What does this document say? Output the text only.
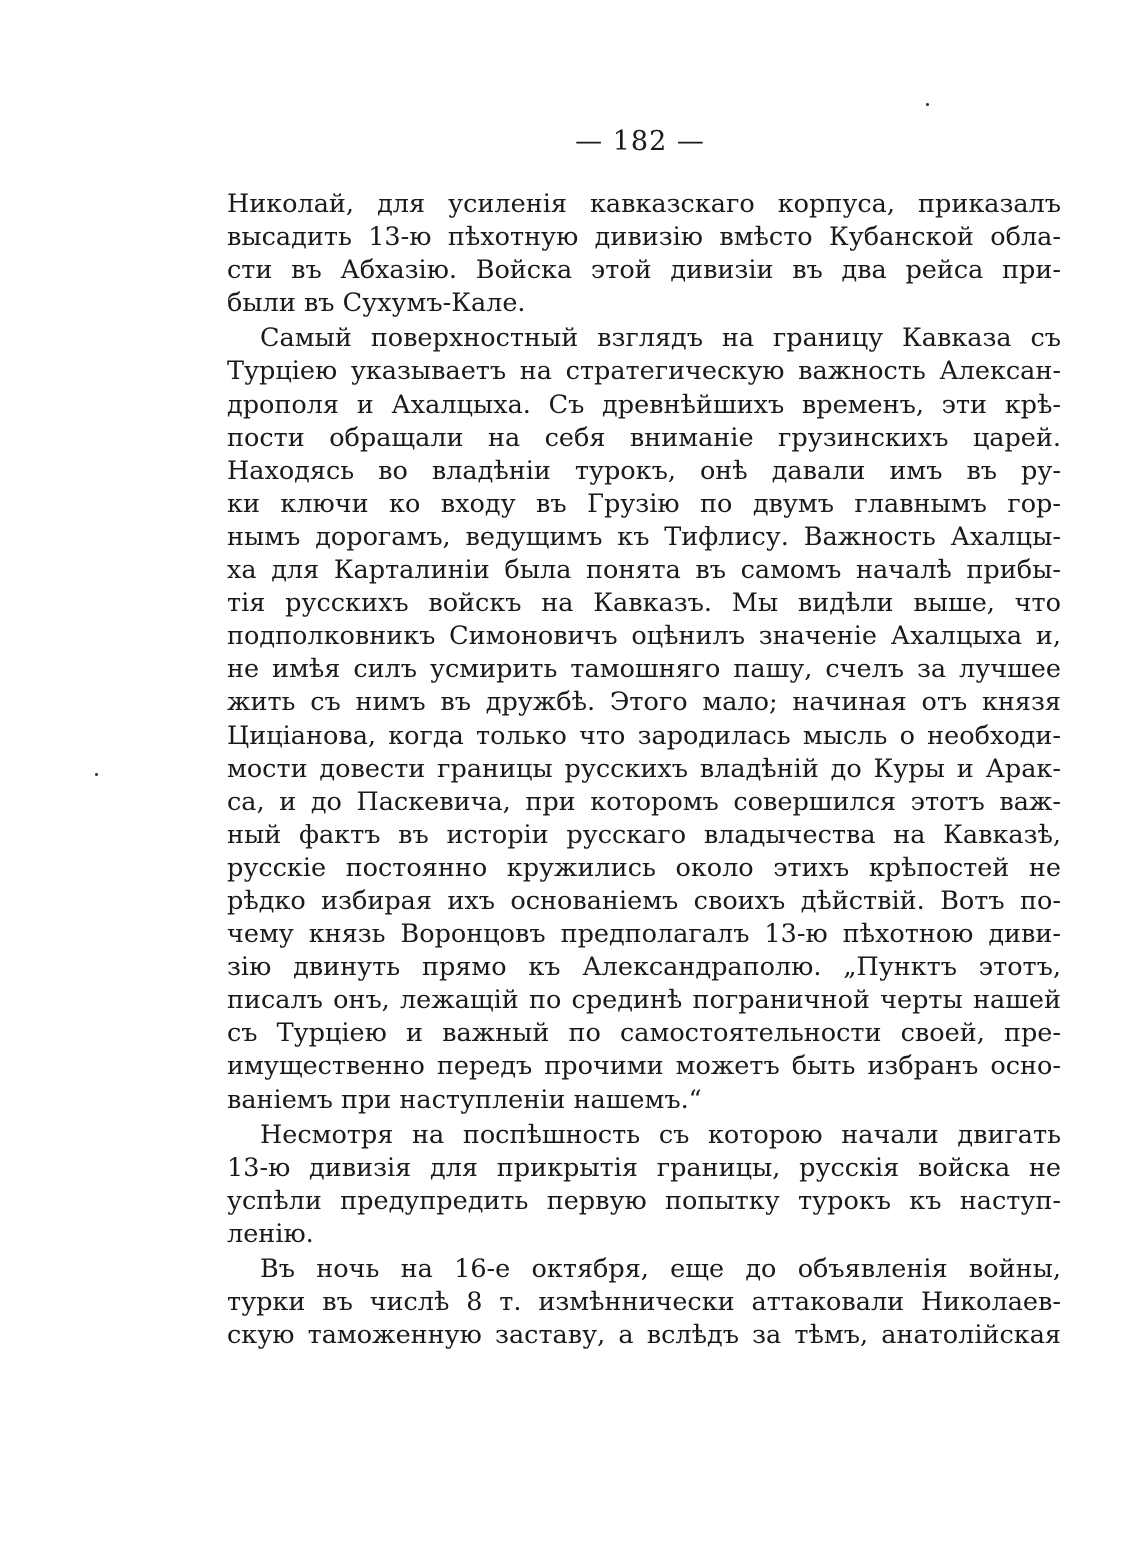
— 182 —
Николай, для усиленія кавказскаго корпуса, приказалъ
высадить 13-ю пѣхотную дивизію вмѣсто Кубанской обла-
сти въ Абхазію. Войска этой дивизіи въ два рейса при-
были въ Сухумъ-Кале.
Самый поверхностный взглядъ на границу Кавказа съ
Турціею указываетъ на стратегическую важность Алексан-
дрополя и Ахалцыха. Съ древнѣйшихъ временъ, эти крѣ-
пости обращали на себя вниманіе грузинскихъ царей.
Находясь во владѣніи турокъ, онѣ давали имъ въ ру-
ки ключи ко входу въ Грузію по двумъ главнымъ гор-
нымъ дорогамъ, ведущимъ къ Тифлису. Важность Ахалцы-
ха для Карталиніи была понята въ самомъ началѣ прибы-
тія русскихъ войскъ на Кавказъ. Мы видѣли выше, что
подполковникъ Симоновичъ оцѣнилъ значеніе Ахалцыха и,
не имѣя силъ усмирить тамошняго пашу, счелъ за лучшее
жить съ нимъ въ дружбѣ. Этого мало; начиная отъ князя
Цицiанова, когда только что зародилась мысль о необходи-
мости довести границы русскихъ владѣній до Куры и Арак-
са, и до Паскевича, при которомъ совершился этотъ важ-
ный фактъ въ исторіи русскаго владычества на Кавказѣ,
русскіе постоянно кружились около этихъ крѣпостей не
рѣдко избирая ихъ основаніемъ своихъ дѣйствій. Вотъ по-
чему князь Воронцовъ предполагалъ 13-ю пѣхотною диви-
зію двинуть прямо къ Александраполю. „Пунктъ этотъ,
писалъ онъ, лежащій по срединѣ пограничной черты нашей
съ Турціею и важный по самостоятельности своей, пре-
имущественно передъ прочими можетъ быть избранъ осно-
ваніемъ при наступленіи нашемъ.“
Несмотря на поспѣшность съ которою начали двигать
13-ю дивизія для прикрытія границы, русскія войска не
успѣли предупредить первую попытку турокъ къ наступ-
ленію.
Въ ночь на 16-е октября, еще до объявленія войны,
турки въ числѣ 8 т. измѣннически аттаковали Николаев-
скую таможенную заставу, а вслѣдъ за тѣмъ, анатолійская
